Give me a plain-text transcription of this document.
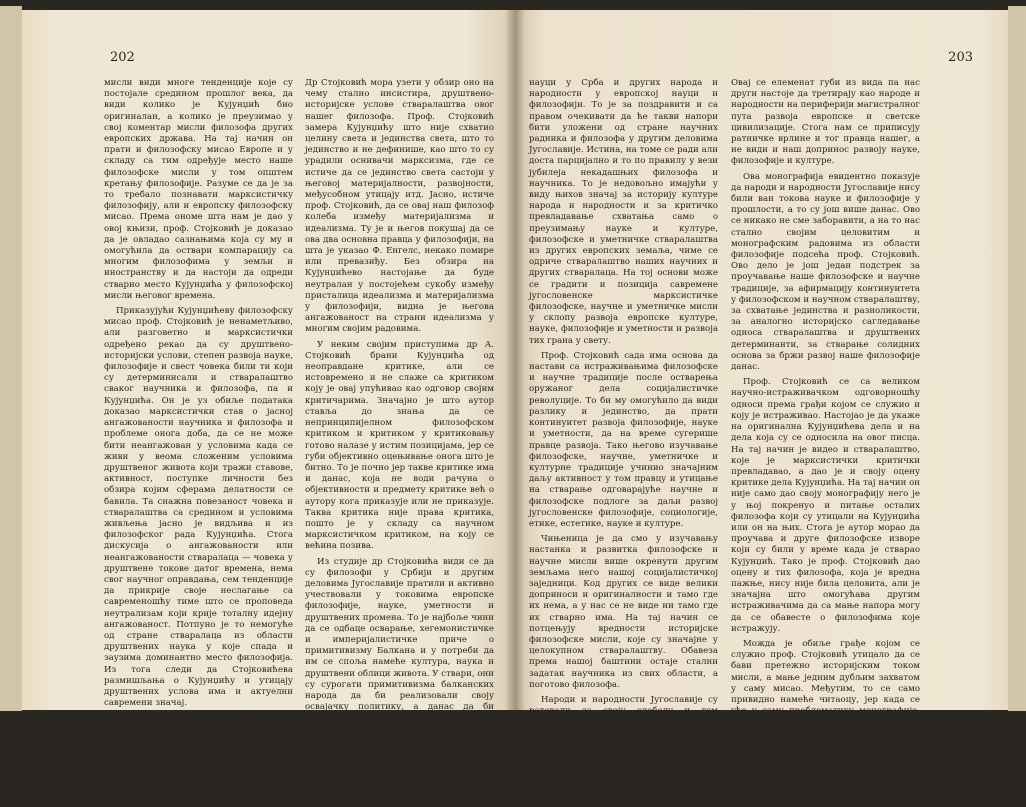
202

мисли види многе тенденције које су постојале средином прошлог века, да види колико је Кујунџић био оригиналан, а колико је преузимао у свој коментар мисли филозофа других европских држава. На тај начин он прати и филозофску мисао Европе и у складу са тим одређује место наше филозофске мисли у том општем кретању филозофије. Разуме се да је за то требало познавати марксистичку филозофију, али и европску филозофску мисао. Према ономе шта нам је дао у овој књизи, проф. Стојковић је доказао да је овладао сазнањима која су му и омогућила да оствари компарацију са многим филозофима у земљи и иностранству и да настоји да одреди стварно место Кујунџића у филозофској мисли његовог времена.

Приказујући Кујунџићеву филозофску мисао проф. Стојковић је ненаметљиво, али разговетно и марксистички одређено рекао да су друштвено-историјски услови, степен развоја науке, филозофије и свест човека били ти који су детерминисали и стваралаштво сваког научника и филозофа, па и Кујунџића. Он је уз обиље података доказао марксистички став о јасној ангажованости научника и филозофа и проблеме онога доба, да се не може бити неангажован у условима када се живи у веома сложеним условима друштвеног живота који тражи ставове, активност, поступке личности без обзира којим сферама делатности се бавила. Та снажна повезаност човека и стваралаштва са средином и условима живљења јасно је видљива и из филозофског рада Кујунџића. Стога дискусија о ангажованости или неангажованости стваралаца — човека у друштвене токове датог времена, нема свог научног оправдања, сем тенденције да прикрије своје неслагање са савременошћу тиме што се проповеда неутрализам који крије тоталну идејну ангажованост. Потпуно је то немогуће од стране стваралаца из области друштвених наука у које спада и заузима доминантно место филозофија. Из тога следи да Стојковићева размишљања о Кујунџићу и утицају друштвених услова има и актуелни савремени значај.

Као прави марксистички критичар др Стојковић у односу на Кујунџића — Абердара не даје коначне и завршне оцене, већ само дефинише његово место у филозофској науци. Чак је у неким својим закључцима критичнији него што би требало да буде.

Др Стојковић мора узети у обзир оно на чему стално инсистира, друштвено-историјске услове стваралаштва овог нашег филозофа. Проф. Стојковић замера Кујунџићу што није схватио целину света и јединства света, што то јединство и не дефинише, као што то су урадили оснивачи марксизма, где се истиче да се јединство света састоји у његовој материјалности, развојности, међусобном утицају итд. Јасно, истиче проф. Стојковић, да се овај наш филозоф колеба између материјализма и идеализма. Ту је и његов покушај да се ова два основна правца у филозофији, на шта је указао Ф. Енгелс, некако помире или превазиђу. Без обзира на Кујунџићево настојање да буде неутралан у постојећем сукобу између присталица идеализма и материјализма у филозофији, видна је његова ангажованост на страни идеализма у многим својим радовима.

У неким својим приступима др А. Стојковић брани Кујунџића од неоправдане критике, али се истовремено и не слаже са критиком коју је овај упућивао као одговор својим критичарима. Значајно је што аутор ставља до знања да се непринципијелном филозофском критиком и критиком у критиковању готово налазе у истим позицијама, јер се губи објективно оцењивање онога што је битно. То је почно јер такве критике има и данас, која не води рачуна о објективности и предмету критике већ о аутору кога приказује или не приказује. Таква критика није права критика, пошто је у складу са научном марксистичком критиком, на коју се већина позива.

Из студије др Стојковића види се да су филозофи у Србији и другим деловима Југославије пратили и активно учествовали у токовима европске филозофије, науке, уметности и друштвених промена. То је најбоље чини да се одбаце осварање, хегемонистичке и империјалистичке приче о примитивизму Балкана и у потреби да им се споља намеће култура, наука и друштвени облици живота. У ствари, они су сурогати примитивизма балканских народа да би реализовали своју освајачку политику, а данас да би довели у сумњу на мање изграђивани социјалистичко друштво на новим основама социјалистичког самоуправљања. Проф. Стојковић је у научно-филозофској критици стваралаштва Кујунџића дао место филозофији и

203

науци у Срба и других народа и народности у европској науци и филозофији. То је за поздравити и са правом очекивати да ће такви напори бити уложени од стране научних радника и филозофа у другим деловима Југославије. Истина, на томе се ради али доста парцијално и то по правилу у вези јубилеја некадашњих филозофа и научника. То је недовољно имајући у виду њихов значај за историју културе народа и народности и за критичко превладавање схватања само о преузимању науке и културе, филозофске и уметничке стваралаштва из других европских земаља, чиме се одриче стваралаштво наших научних и других стваралаца. На тој основи може се градити и позиција савремене југословенске марксистичке филозофске, научне и уметничке мисли у склопу развоја европске културе, науке, филозофије и уметности и развоја тих грана у свету.

Проф. Стојковић сада има основа да настави са истраживањима филозофске и научне традиције после остварења оружаног дела социјалистичке револуције. То би му омогућило да види разлику и јединство, да прати континуитет развоја филозофије, науке и уметности, да на време сугерише правце развоја. Тако његово изучавање филозофске, научне, уметничке и културне традиције учинио значајним даљу активност у том правцу и утицање на стварање одговарајуће научне и филозофске подлоге за даљи развој југословенске филозофије, социологије, етике, естетике, науке и културе.

Чињеница је да смо у изучавању настанка и развитка филозофске и научне мисли више окренути другим земљама него нашој социјалистичкој заједници. Код других се виде велики доприноси и оригиналности и тамо где их нема, а у нас се не виде ни тамо где их стварно има. На тај начин се потцењују вредности историјске филозофске мисли, које су значајне у целокупном стваралаштву. Обавеза према нашој баштини остаје стални задатак научника из свих области, а поготово филозофа.

Народи и народности Југославије су ратовали за своју слободу и том приликом и стварали друштвене, културне, филозофске и научне вредности које нису довољно истражене. Радило се о целовитој борби за слободу која је подразумевала и развитак свести, науке, филозофије, уметности и културе. Они су постајали део европске и светске културе, филозофије и уметности.

Овај се елеменат губи из вида па нас други настоје да третирају као народе и народности на периферији магистралног пута развоја европске и светске цивилизације. Стога нам се приписују ратничке врлине и тог правца нашег, а не види и наш допринос развоју науке, филозофије и културе.

Ова монографија евидентно показује да народи и народности Југославије нису били ван токова науке и филозофије у прошлости, а то су још више данас. Ово се никако не сме заборавити, а на то нас стално својим целовитим и монографским радовима из области филозофије подсећа проф. Стојковић. Ово дело је још један подстрек за проучавање наше филозофске и научне традиције, за афирмацију континуитета у филозофском и научном стваралаштву, за схватање јединства и разноликости, за аналогно историјско сагледавање односа стваралаштва и друштвених детерминанти, за стварање солидних основа за бржи развој наше филозофије данас.

Проф. Стојковић се са великом научно-истраживачком одговорношћу односи према грађи којом се служио и коју је истраживао. Настојао је да укаже на оригинална Кујунџићева дела и на дела која су се односила на овог писца. На тај начин је видео и стваралаштво, које је марксистички критички превладавао, а дао је и своју оцену критике дела Кујунџића. На тај начин он није само дао своју монографију него је у њој покренуо и питање осталих филозофа који су утицали на Кујунџића или он на њих. Стога је аутор морао да проучава и друге филозофске изворе који су били у време када је стварао Кујунџић. Тако је проф. Стојковић дао оцену и тих филозофа, која је вредна пажње, нису није била целовита, али је значајна што омогућава другим истраживачима да са мање напора могу да се обавесте о филозофима које истражују.

Можда је обиље грађе којом се служио проф. Стојковић утицало да се бави претежно историјским током мисли, а мање једним дубљим захватом у саму мисао. Међутим, то се само привидно намеће читаоцу, јер када се уђе у саму проблематику монографије, долази се до закључка да се ради о стварном дубоком захвату у целокупно Кујунџићево стваралаштво лоцирано у дати историјски и друштвени амбијент који је детерминисао стварање овог филозофа. У неким деловима
